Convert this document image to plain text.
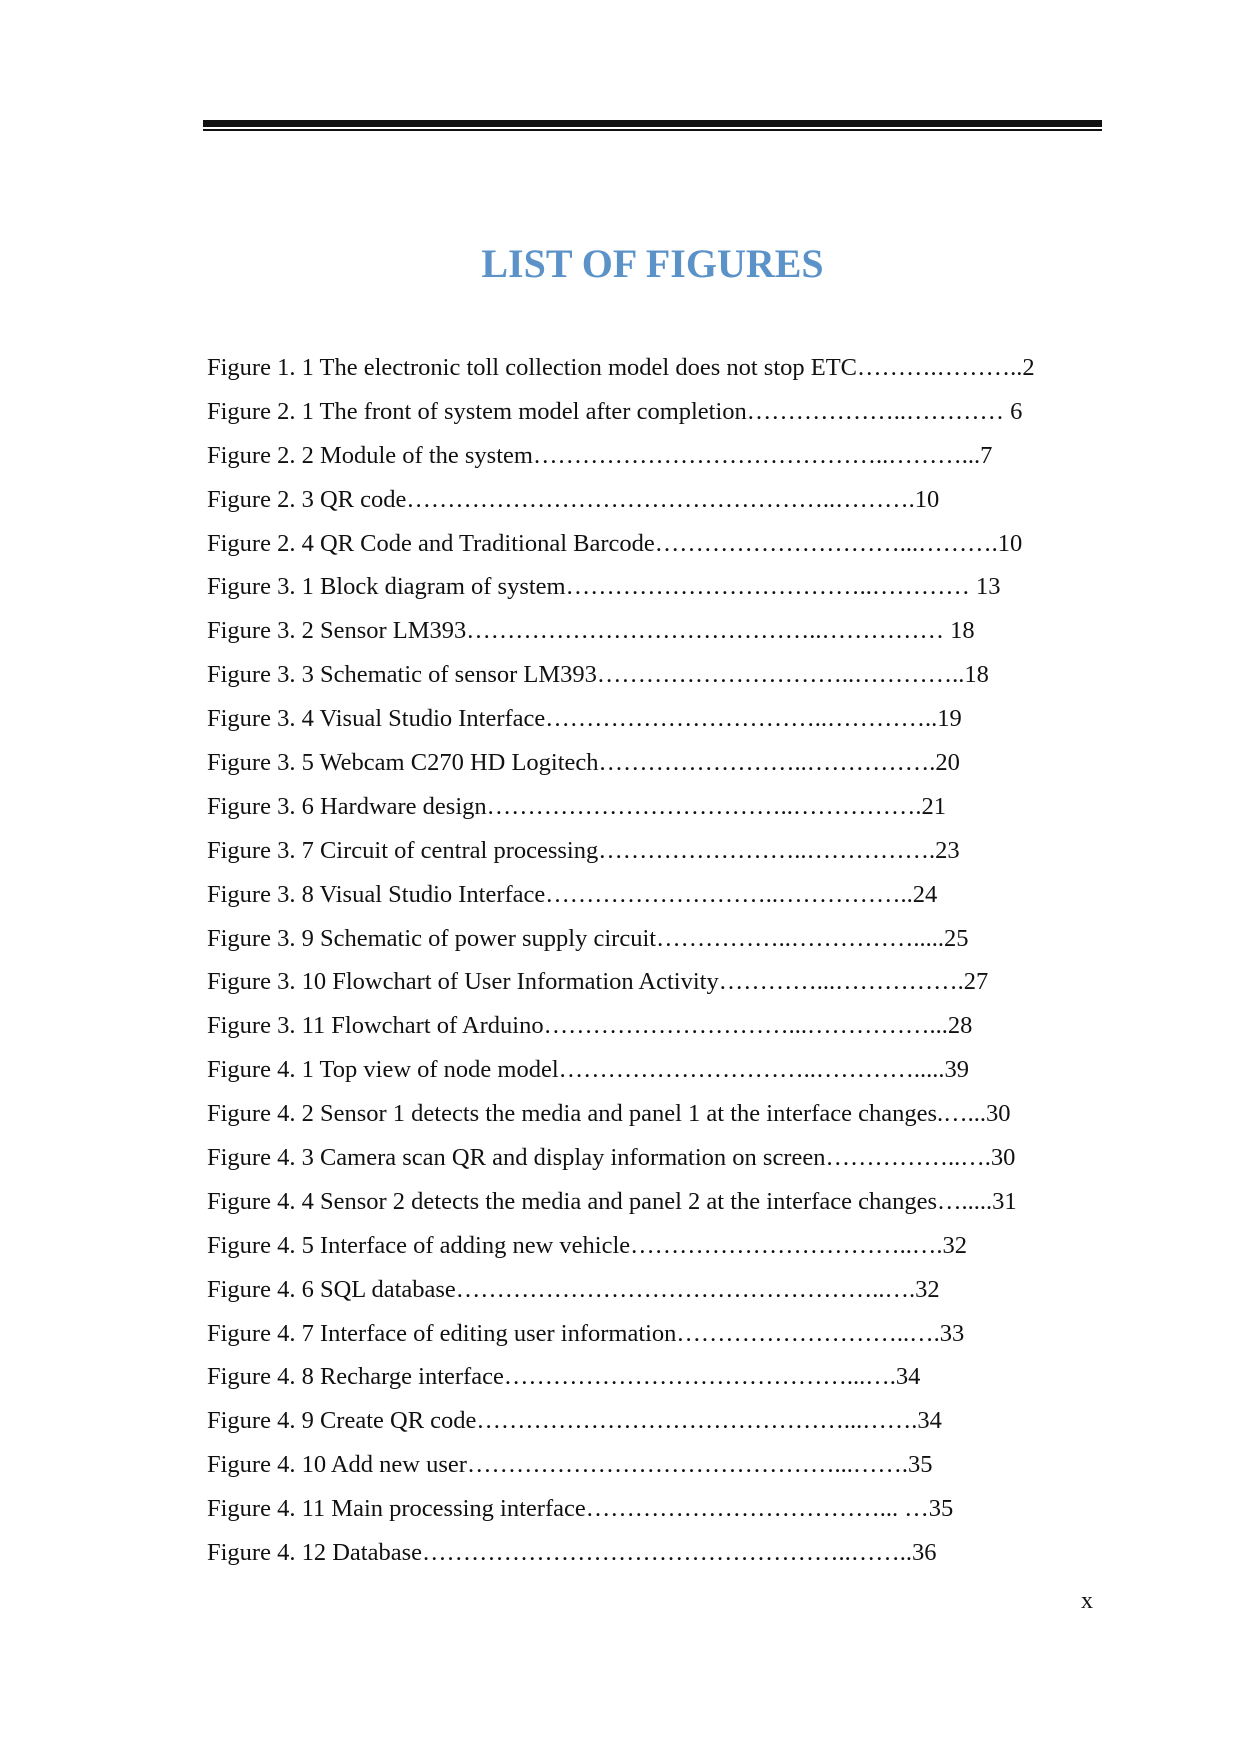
LIST OF FIGURES
Figure 1. 1 The electronic toll collection model does not stop ETC……….………..2
Figure 2. 1 The front of system model after completion………………..………… 6
Figure 2. 2 Module of the system……………………………………..………...7
Figure 2. 3 QR code……………………………………………..……….10
Figure 2. 4 QR Code and Traditional Barcode…………………………...……….10
Figure 3. 1 Block diagram of system………………………………..………… 13
Figure 3. 2 Sensor LM393……………………………………..…………… 18
Figure 3. 3 Schematic of sensor LM393…………………………..…………..18
Figure 3. 4 Visual Studio Interface……………………………..…………..19
Figure 3. 5 Webcam C270 HD Logitech……………………..…………….20
Figure 3. 6 Hardware design………………………………..…………….21
Figure 3. 7 Circuit of central processing……………………..…………….23
Figure 3. 8 Visual Studio Interface………………………..……………..24
Figure 3. 9 Schematic of power supply circuit……………..…………….....25
Figure 3. 10 Flowchart of User Information Activity…………...…………….27
Figure 3. 11 Flowchart of Arduino…………………………...……………...28
Figure 4. 1 Top view of node model…………………………..………….....39
Figure 4. 2 Sensor 1 detects the media and panel 1 at the interface changes.…...30
Figure 4. 3 Camera scan QR and display information on screen……………..….30
Figure 4. 4 Sensor 2 detects the media and panel 2 at the interface changes….....31
Figure 4. 5 Interface of adding new vehicle……………………………..….32
Figure 4. 6 SQL database……………………………………………..….32
Figure 4. 7 Interface of editing user information………………………..….33
Figure 4. 8 Recharge interface……………………………………...….34
Figure 4. 9 Create QR code………………………………………...…….34
Figure 4. 10 Add new user………………………………………...…….35
Figure 4. 11 Main processing interface………………………………... …35
Figure 4. 12 Database……………………………………………..……..36
x
